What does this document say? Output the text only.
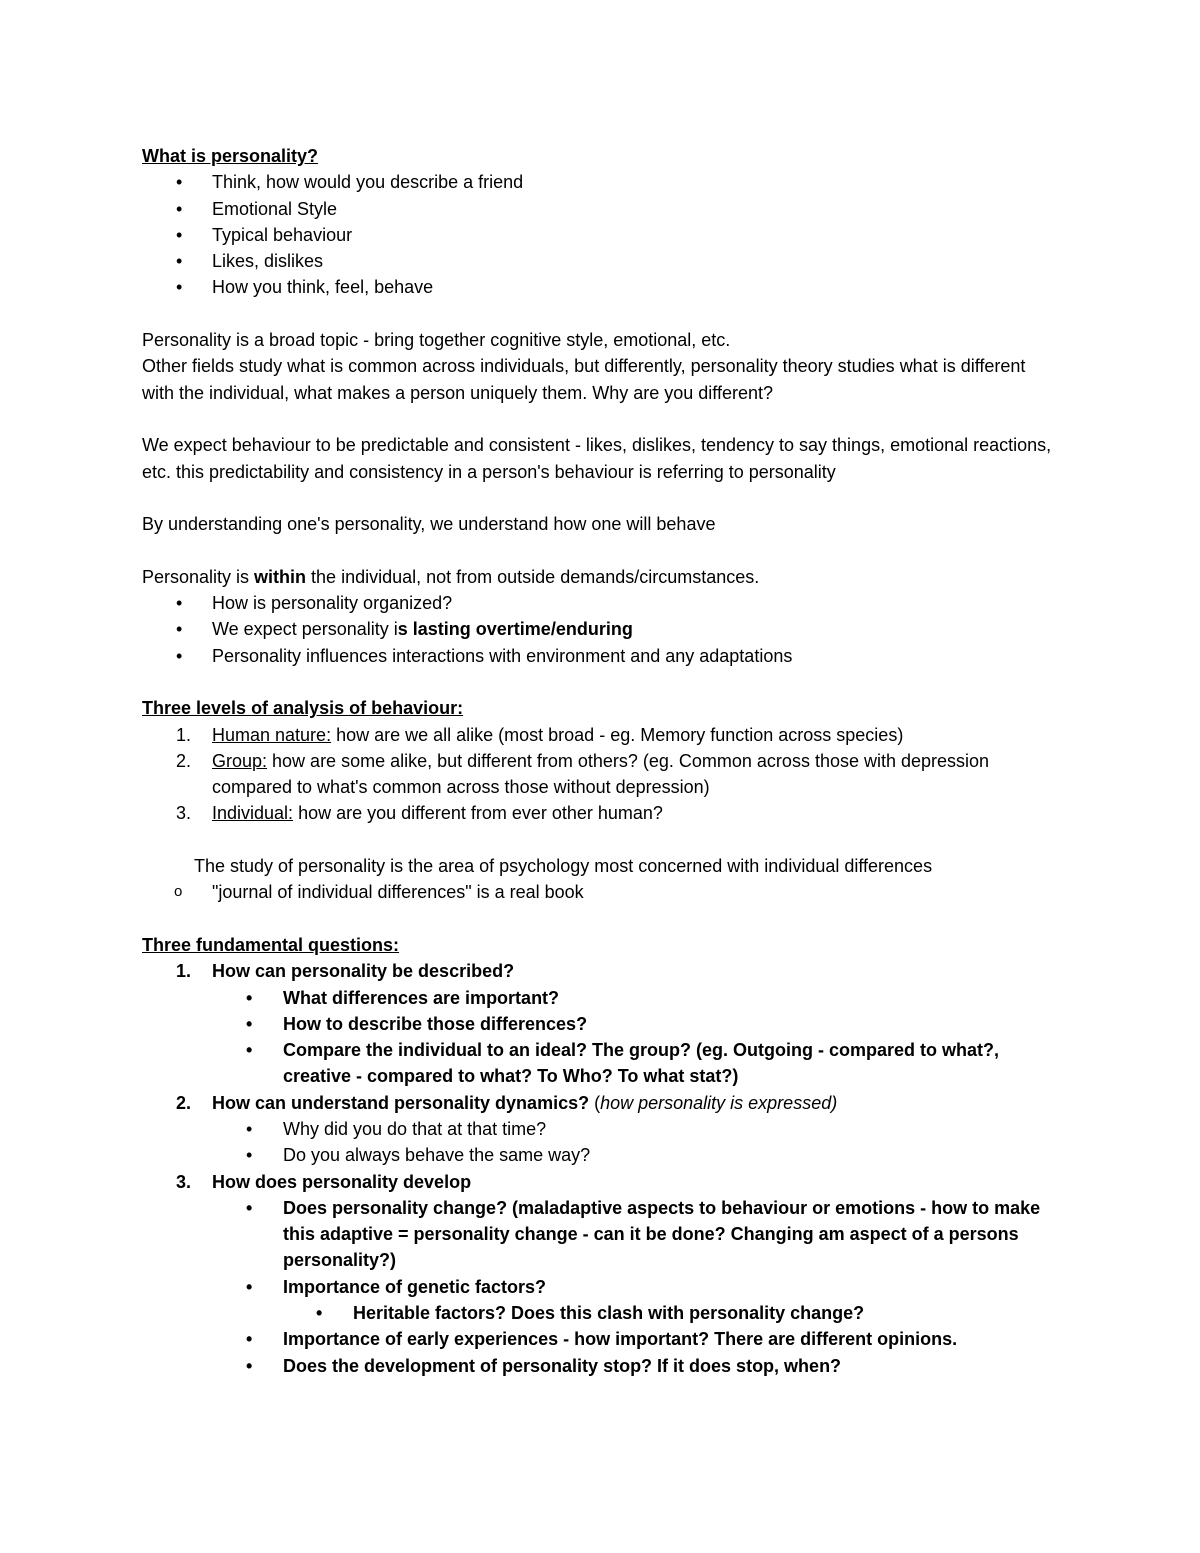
What is personality?
•	Think, how would you describe a friend
•	Emotional Style
•	Typical behaviour
•	Likes, dislikes
•	How you think, feel, behave
Personality is a broad topic - bring together cognitive style, emotional, etc.
Other fields study what is common across individuals, but differently, personality theory studies what is different with the individual, what makes a person uniquely them. Why are you different?
We expect behaviour to be predictable and consistent - likes, dislikes, tendency to say things, emotional reactions, etc. this predictability and consistency in a person's behaviour is referring to personality
By understanding one's personality, we understand how one will behave
Personality is within the individual, not from outside demands/circumstances.
•	How is personality organized?
•	We expect personality is lasting overtime/enduring
•	Personality influences interactions with environment and any adaptations
Three levels of analysis of behaviour:
1. Human nature: how are we all alike (most broad - eg. Memory function across species)
2. Group: how are some alike, but different from others? (eg. Common across those with depression compared to what's common across those without depression)
3. Individual: how are you different from ever other human?
The study of personality is the area of psychology most concerned with individual differences
o "journal of individual differences" is a real book
Three fundamental questions:
1. How can personality be described?
•	What differences are important?
•	How to describe those differences?
•	Compare the individual to an ideal? The group? (eg. Outgoing - compared to what?, creative - compared to what? To Who? To what stat?)
2. How can understand personality dynamics? (how personality is expressed)
•	Why did you do that at that time?
•	Do you always behave the same way?
3. How does personality develop
•	Does personality change? (maladaptive aspects to behaviour or emotions - how to make this adaptive = personality change - can it be done? Changing am aspect of a persons personality?)
•	Importance of genetic factors?
•	Heritable factors? Does this clash with personality change?
•	Importance of early experiences - how important? There are different opinions.
•	Does the development of personality stop? If it does stop, when?
